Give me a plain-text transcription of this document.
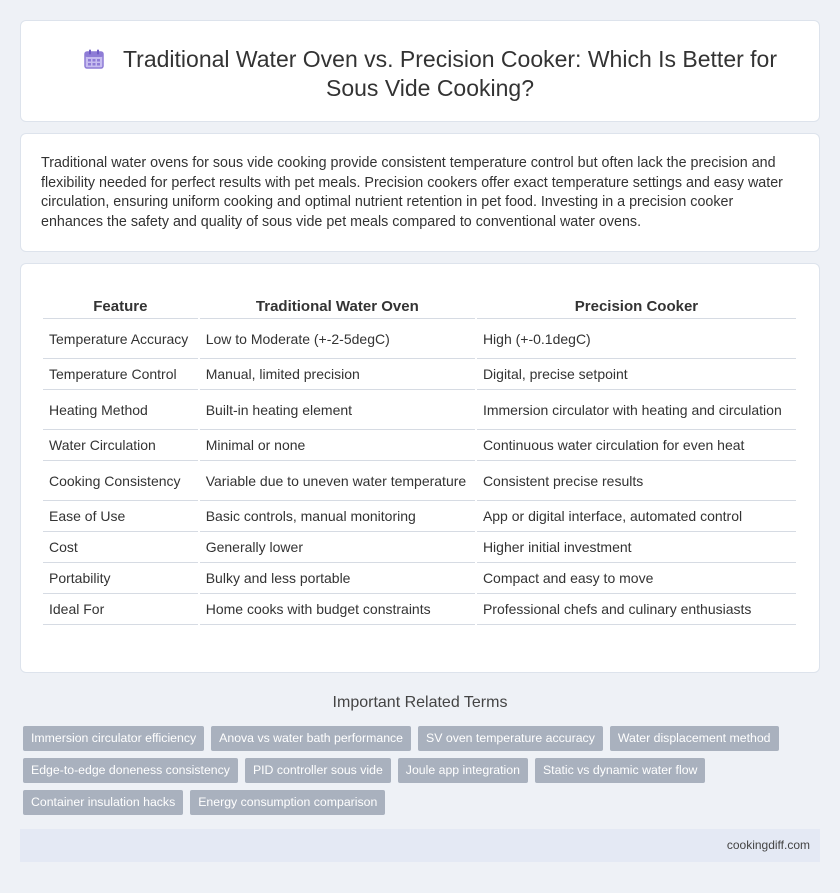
Traditional Water Oven vs. Precision Cooker: Which Is Better for Sous Vide Cooking?

Traditional water ovens for sous vide cooking provide consistent temperature control but often lack the precision and flexibility needed for perfect results with pet meals. Precision cookers offer exact temperature settings and easy water circulation, ensuring uniform cooking and optimal nutrient retention in pet food. Investing in a precision cooker enhances the safety and quality of sous vide pet meals compared to conventional water ovens.

Feature	Traditional Water Oven	Precision Cooker
Temperature Accuracy	Low to Moderate (+-2-5degC)	High (+-0.1degC)
Temperature Control	Manual, limited precision	Digital, precise setpoint
Heating Method	Built-in heating element	Immersion circulator with heating and circulation
Water Circulation	Minimal or none	Continuous water circulation for even heat
Cooking Consistency	Variable due to uneven water temperature	Consistent precise results
Ease of Use	Basic controls, manual monitoring	App or digital interface, automated control
Cost	Generally lower	Higher initial investment
Portability	Bulky and less portable	Compact and easy to move
Ideal For	Home cooks with budget constraints	Professional chefs and culinary enthusiasts
Important Related Terms
Immersion circulator efficiency	Anova vs water bath performance	SV oven temperature accuracy	Water displacement method
Edge-to-edge doneness consistency	PID controller sous vide	Joule app integration	Static vs dynamic water flow
Container insulation hacks	Energy consumption comparison
cookingdiff.com
